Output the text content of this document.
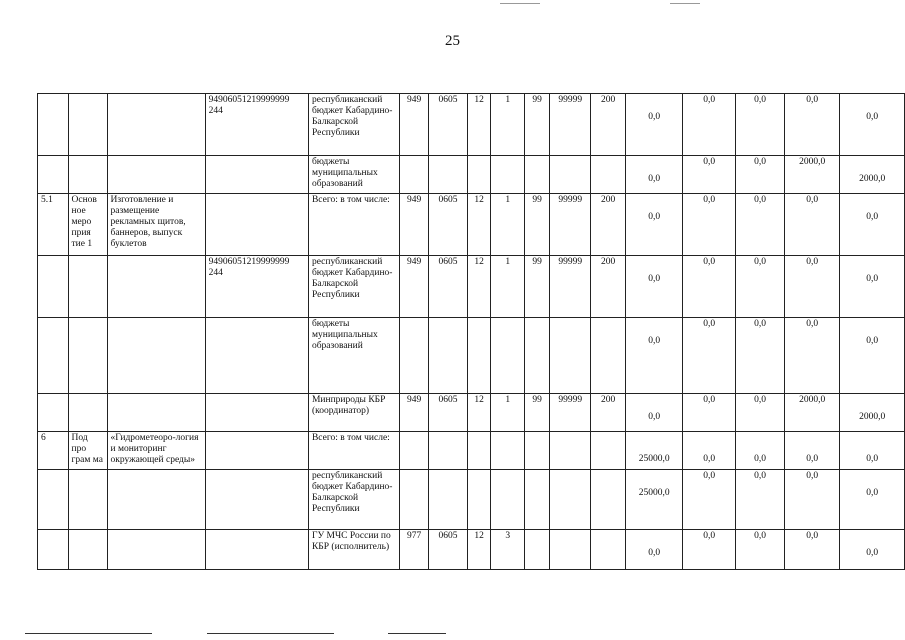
25
			94906051219999999 244	республиканский бюджет Кабардино-Балкарской Республики	949	0605	12	1	99	99999	200	0,0	0,0	0,0	0,0	0,0
				бюджеты муниципальных образований								0,0	0,0	0,0	2000,0	2000,0
5.1	Основ ное меро прия тие 1	Изготовление и размещение рекламных щитов, баннеров, выпуск буклетов		Всего: в том числе:	949	0605	12	1	99	99999	200	0,0	0,0	0,0	0,0	0,0
			94906051219999999 244	республиканский бюджет Кабардино-Балкарской Республики	949	0605	12	1	99	99999	200	0,0	0,0	0,0	0,0	0,0
				бюджеты муниципальных образований								0,0	0,0	0,0	0,0	0,0
				Минприроды КБР (координатор)	949	0605	12	1	99	99999	200	0,0	0,0	0,0	2000,0	2000,0
6	Под про грам ма	«Гидрометеоро-логия и мониторинг окружающей среды»		Всего: в том числе:								25000,0	0,0	0,0	0,0	0,0
				республиканский бюджет Кабардино-Балкарской Республики								25000,0	0,0	0,0	0,0	0,0
				ГУ МЧС России по КБР (исполнитель)	977	0605	12	3				0,0	0,0	0,0	0,0	0,0
